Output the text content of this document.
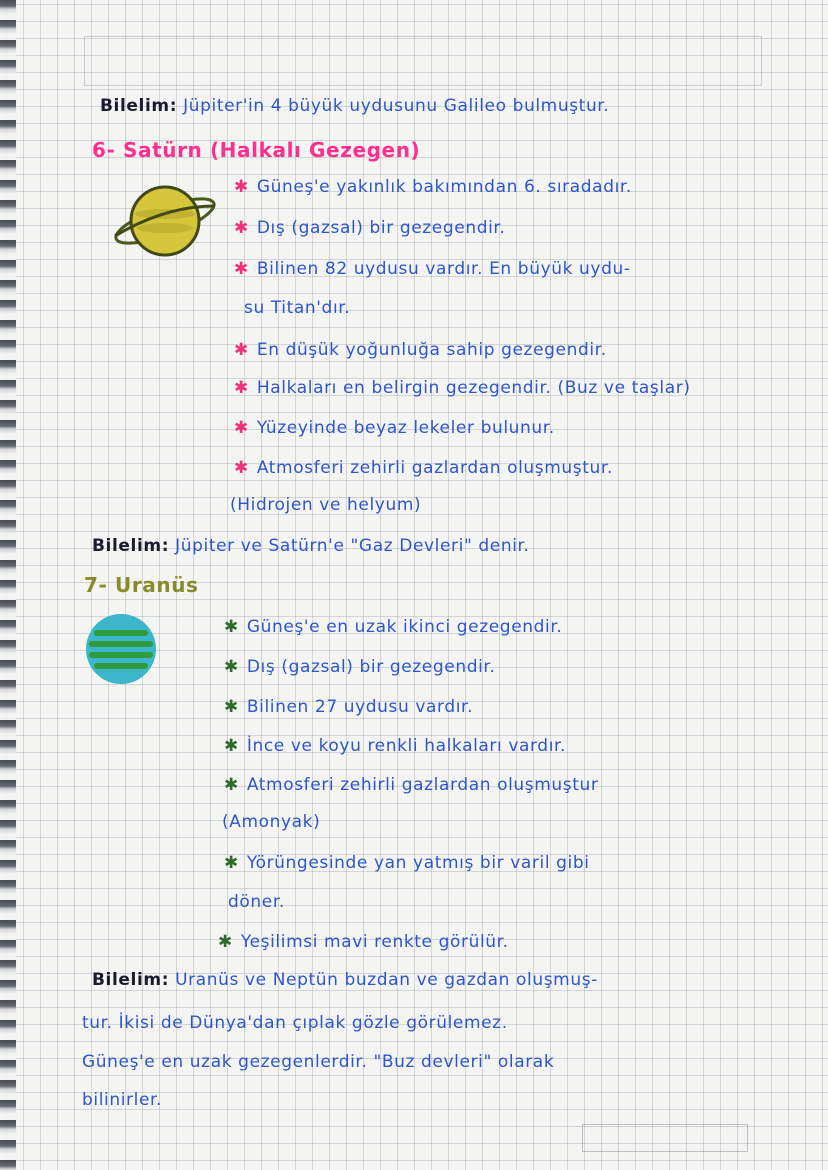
Bilelim: Jüpiter'in 4 büyük uydusunu Galileo bulmuştur.
6- Satürn (Halkalı Gezegen)
✱ Güneş'e yakınlık bakımından 6. sıradadır.
✱ Dış (gazsal) bir gezegendir.
✱ Bilinen 82 uydusu vardır. En büyük uydu-
su Titan'dır.
✱ En düşük yoğunluğa sahip gezegendir.
✱ Halkaları en belirgin gezegendir. (Buz ve taşlar)
✱ Yüzeyinde beyaz lekeler bulunur.
✱ Atmosferi zehirli gazlardan oluşmuştur.
(Hidrojen ve helyum)
Bilelim: Jüpiter ve Satürn'e "Gaz Devleri" denir.
7- Uranüs
✱ Güneş'e en uzak ikinci gezegendir.
✱ Dış (gazsal) bir gezegendir.
✱ Bilinen 27 uydusu vardır.
✱ İnce ve koyu renkli halkaları vardır.
✱ Atmosferi zehirli gazlardan oluşmuştur
(Amonyak)
✱ Yörüngesinde yan yatmış bir varil gibi
döner.
✱ Yeşilimsi mavi renkte görülür.
Bilelim: Uranüs ve Neptün buzdan ve gazdan oluşmuş-
tur. İkisi de Dünya'dan çıplak gözle görülemez.
Güneş'e en uzak gezegenlerdir. "Buz devleri" olarak
bilinirler.
